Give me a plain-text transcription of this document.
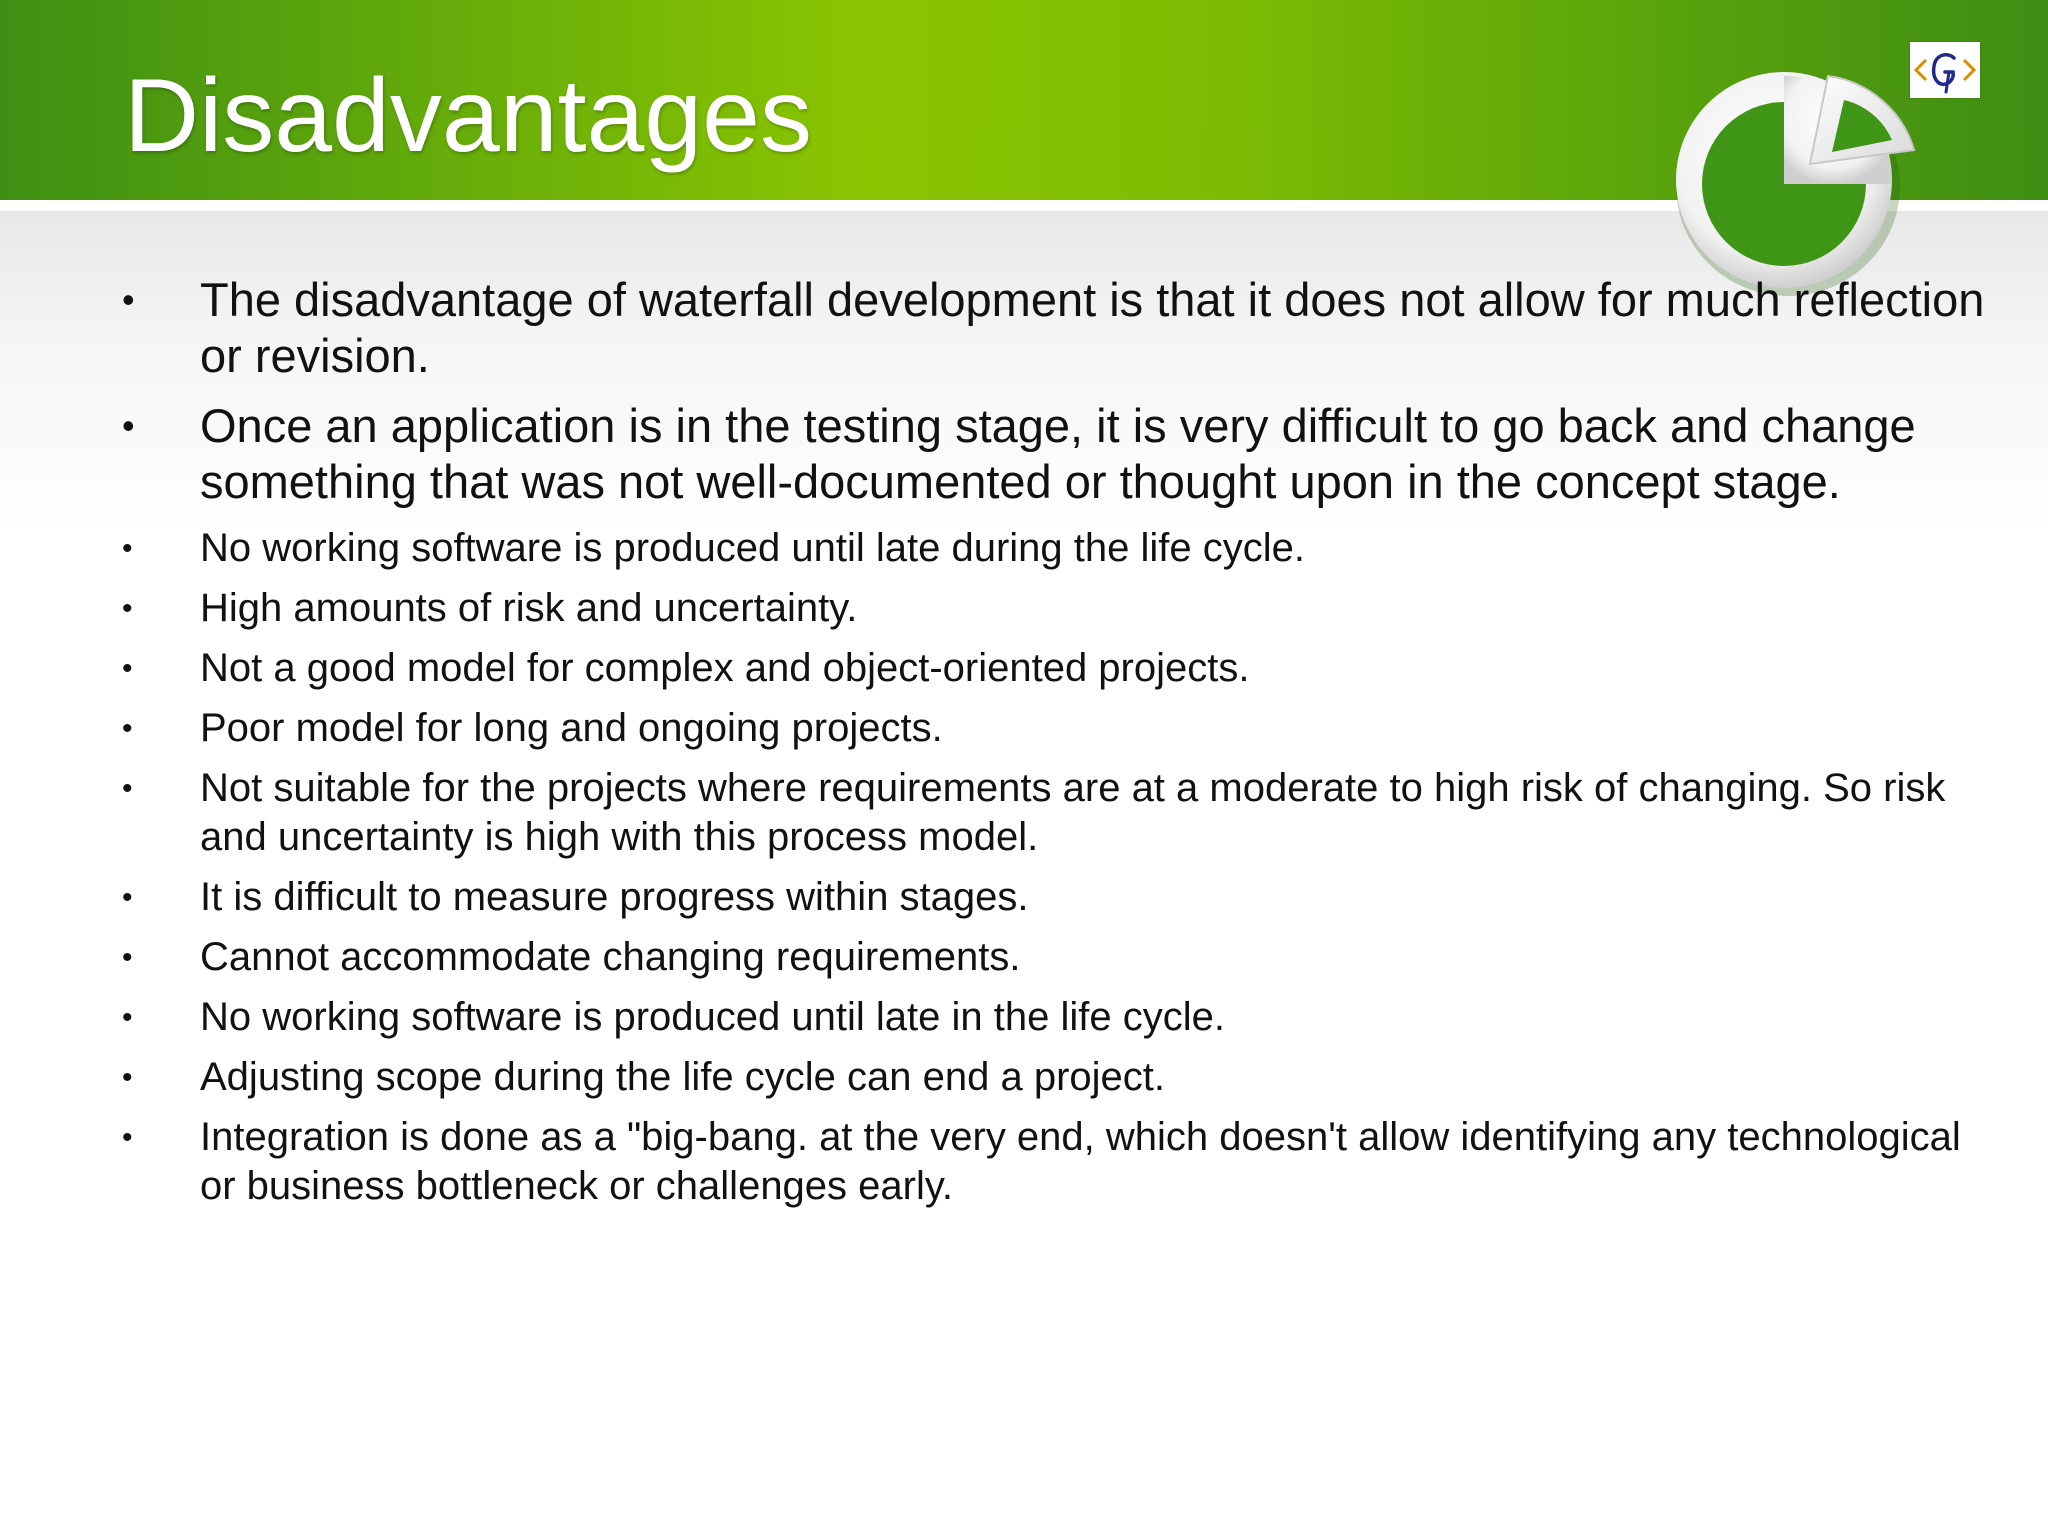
Disadvantages
• The disadvantage of waterfall development is that it does not allow for much reflection or revision.
• Once an application is in the testing stage, it is very difficult to go back and change something that was not well-documented or thought upon in the concept stage.
• No working software is produced until late during the life cycle.
• High amounts of risk and uncertainty.
• Not a good model for complex and object-oriented projects.
• Poor model for long and ongoing projects.
• Not suitable for the projects where requirements are at a moderate to high risk of changing. So risk and uncertainty is high with this process model.
• It is difficult to measure progress within stages.
• Cannot accommodate changing requirements.
• No working software is produced until late in the life cycle.
• Adjusting scope during the life cycle can end a project.
• Integration is done as a "big-bang. at the very end, which doesn't allow identifying any technological or business bottleneck or challenges early.
